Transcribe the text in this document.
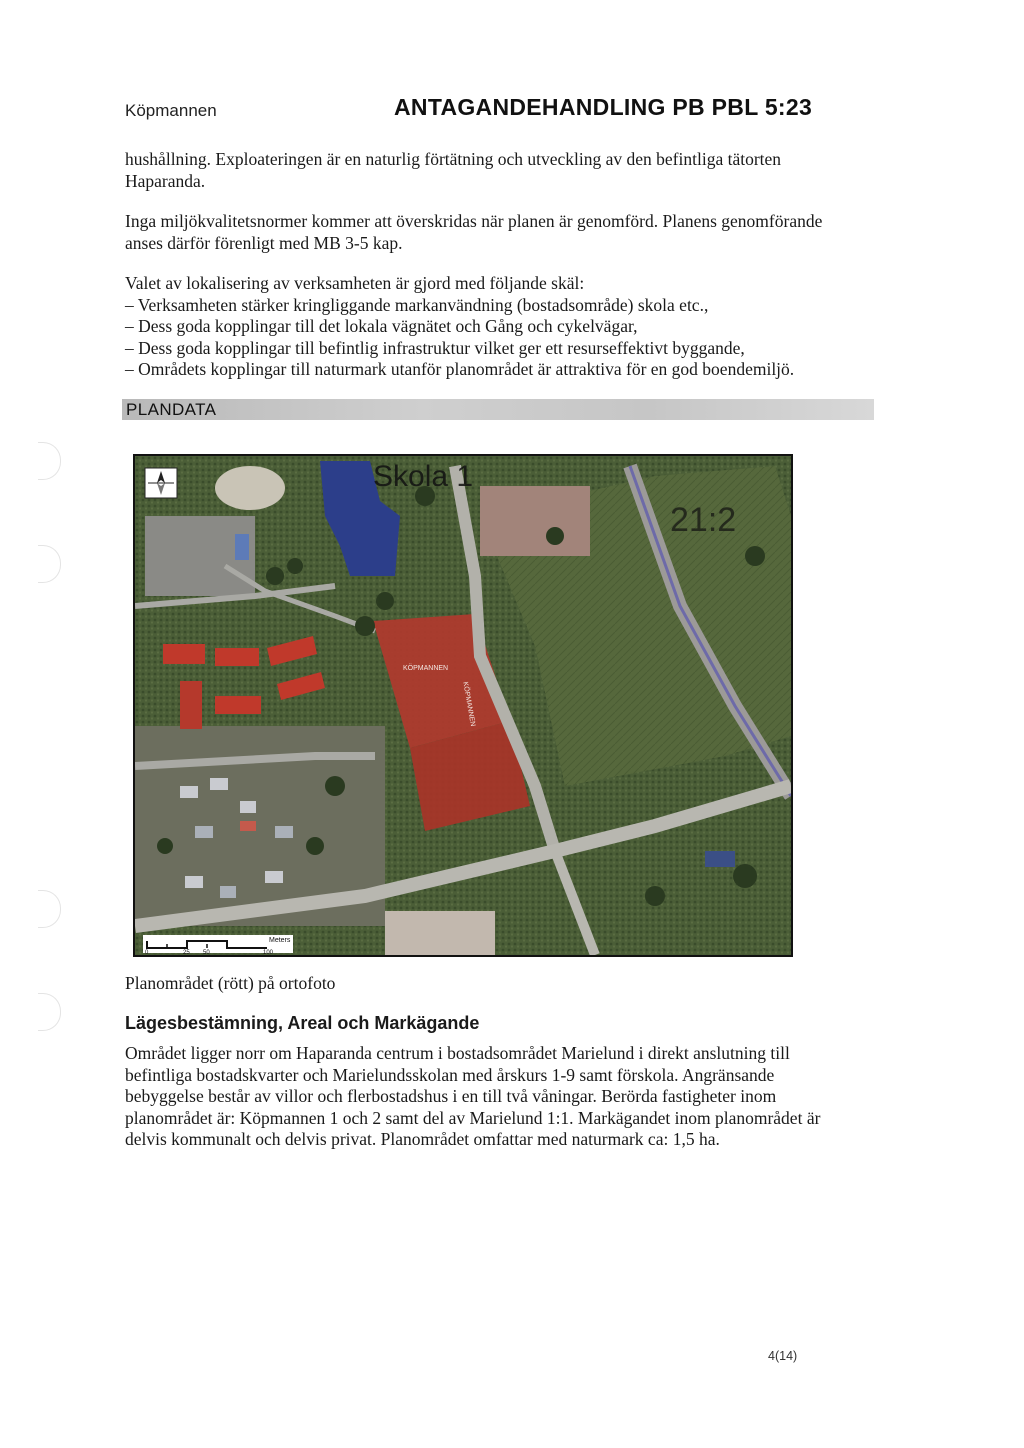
Köpmannen	ANTAGANDEHANDLING PB PBL 5:23
hushållning. Exploateringen är en naturlig förtätning och utveckling av den befintliga tätorten
Haparanda.
Inga miljökvalitetsnormer kommer att överskridas när planen är genomförd. Planens genomförande
anses därför förenligt med MB 3-5 kap.
Valet av lokalisering av verksamheten är gjord med följande skäl:
– Verksamheten stärker kringliggande markanvändning (bostadsområde) skola etc.,
– Dess goda kopplingar till det lokala vägnätet och Gång och cykelvägar,
– Dess goda kopplingar till befintlig infrastruktur vilket ger ett resurseffektivt byggande,
– Områdets kopplingar till naturmark utanför planområdet är attraktiva för en god boendemiljö.
PLANDATA
Skola 1
21:2
KÖPMANNEN
KÖPMANNEN
Meters
0	25 50	100
Planområdet (rött) på ortofoto
Lägesbestämning, Areal och Markägande
Området ligger norr om Haparanda centrum i bostadsområdet Marielund i direkt anslutning till
befintliga bostadskvarter och Marielundsskolan med årskurs 1-9 samt förskola. Angränsande
bebyggelse består av villor och flerbostadshus i en till två våningar. Berörda fastigheter inom
planområdet är: Köpmannen 1 och 2 samt del av Marielund 1:1. Markägandet inom planområdet är
delvis kommunalt och delvis privat. Planområdet omfattar med naturmark ca: 1,5 ha.
4(14)
